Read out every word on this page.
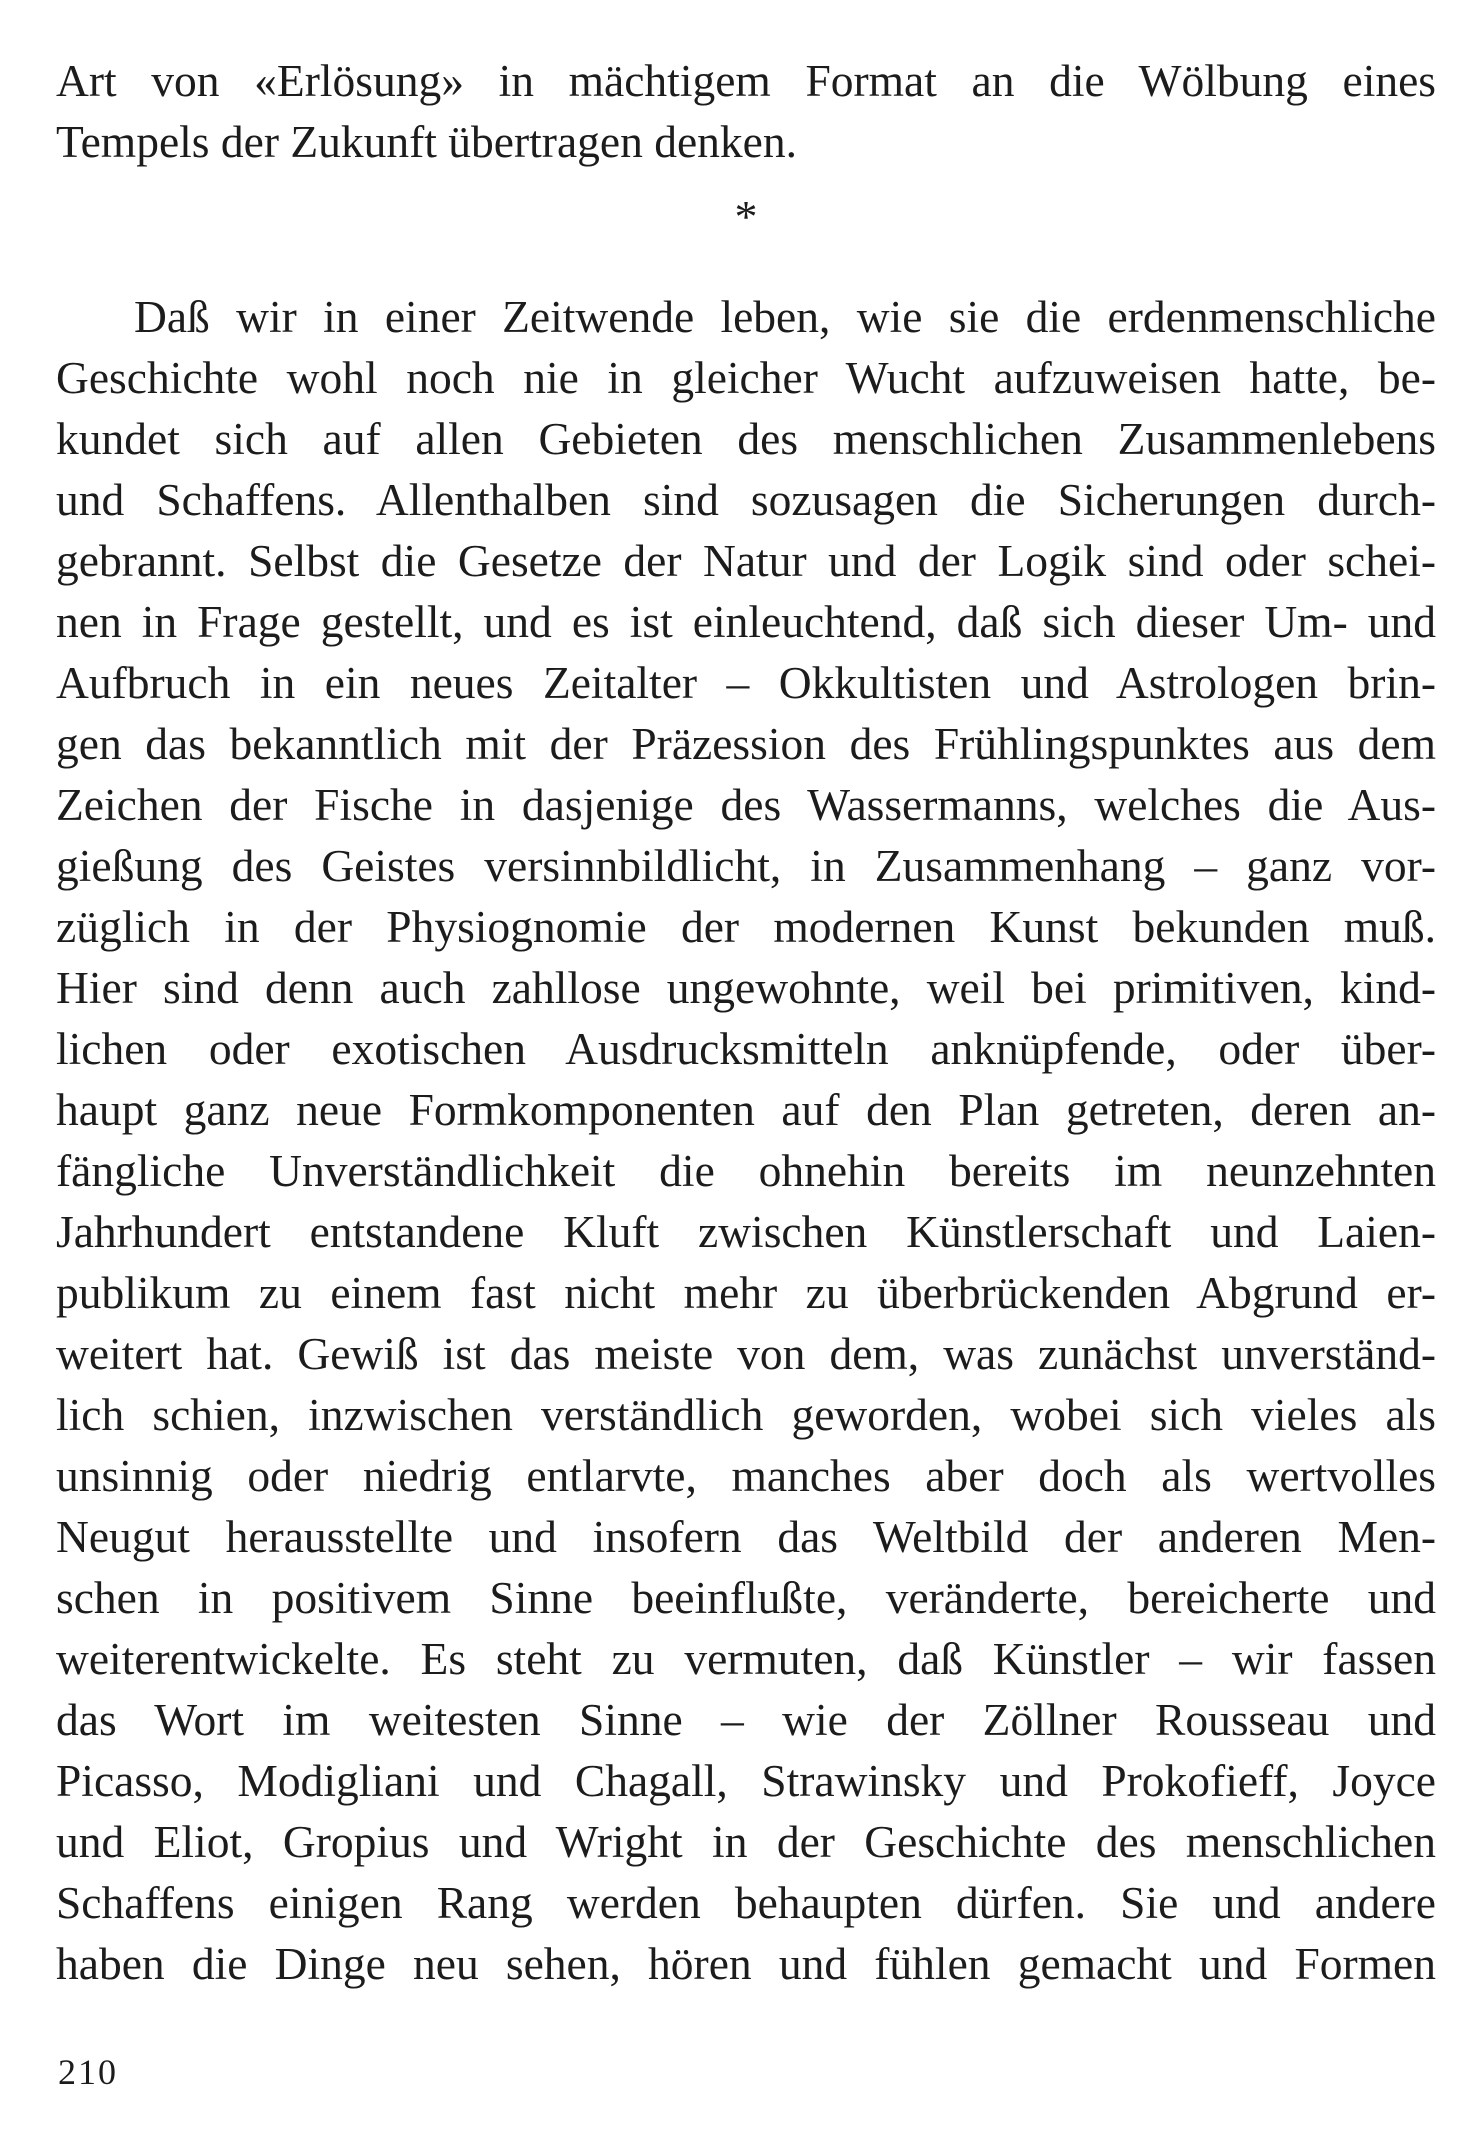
Art von «Erlösung» in mächtigem Format an die Wölbung eines
Tempels der Zukunft übertragen denken.
*
Daß wir in einer Zeitwende leben, wie sie die erdenmenschliche
Geschichte wohl noch nie in gleicher Wucht aufzuweisen hatte, be-
kundet sich auf allen Gebieten des menschlichen Zusammenlebens
und Schaffens. Allenthalben sind sozusagen die Sicherungen durch-
gebrannt. Selbst die Gesetze der Natur und der Logik sind oder schei-
nen in Frage gestellt, und es ist einleuchtend, daß sich dieser Um- und
Aufbruch in ein neues Zeitalter – Okkultisten und Astrologen brin-
gen das bekanntlich mit der Präzession des Frühlingspunktes aus dem
Zeichen der Fische in dasjenige des Wassermanns, welches die Aus-
gießung des Geistes versinnbildlicht, in Zusammenhang – ganz vor-
züglich in der Physiognomie der modernen Kunst bekunden muß.
Hier sind denn auch zahllose ungewohnte, weil bei primitiven, kind-
lichen oder exotischen Ausdrucksmitteln anknüpfende, oder über-
haupt ganz neue Formkomponenten auf den Plan getreten, deren an-
fängliche Unverständlichkeit die ohnehin bereits im neunzehnten
Jahrhundert entstandene Kluft zwischen Künstlerschaft und Laien-
publikum zu einem fast nicht mehr zu überbrückenden Abgrund er-
weitert hat. Gewiß ist das meiste von dem, was zunächst unverständ-
lich schien, inzwischen verständlich geworden, wobei sich vieles als
unsinnig oder niedrig entlarvte, manches aber doch als wertvolles
Neugut herausstellte und insofern das Weltbild der anderen Men-
schen in positivem Sinne beeinflußte, veränderte, bereicherte und
weiterentwickelte. Es steht zu vermuten, daß Künstler – wir fassen
das Wort im weitesten Sinne – wie der Zöllner Rousseau und
Picasso, Modigliani und Chagall, Strawinsky und Prokofieff, Joyce
und Eliot, Gropius und Wright in der Geschichte des menschlichen
Schaffens einigen Rang werden behaupten dürfen. Sie und andere
haben die Dinge neu sehen, hören und fühlen gemacht und Formen
210
